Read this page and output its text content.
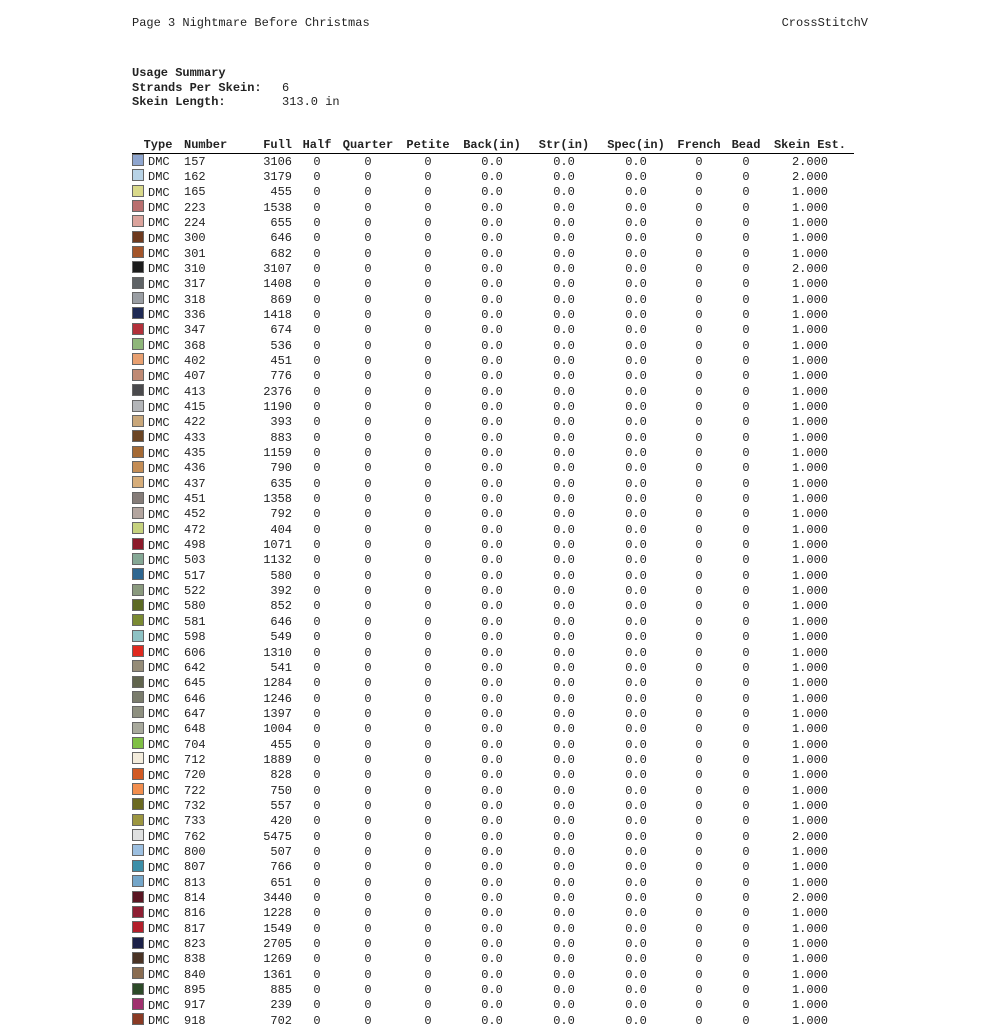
Page 3 Nightmare Before Christmas	CrossStitchV
Usage Summary
Strands Per Skein: 6
Skein Length:	313.0 in
Type	Number	Full	Half	Quarter	Petite	Back(in)	Str(in)	Spec(in)	French	Bead	Skein Est.
DMC	157	3106	0	0	0	0.0	0.0	0.0	0	0	2.000
DMC	162	3179	0	0	0	0.0	0.0	0.0	0	0	2.000
DMC	165	455	0	0	0	0.0	0.0	0.0	0	0	1.000
DMC	223	1538	0	0	0	0.0	0.0	0.0	0	0	1.000
DMC	224	655	0	0	0	0.0	0.0	0.0	0	0	1.000
DMC	300	646	0	0	0	0.0	0.0	0.0	0	0	1.000
DMC	301	682	0	0	0	0.0	0.0	0.0	0	0	1.000
DMC	310	3107	0	0	0	0.0	0.0	0.0	0	0	2.000
DMC	317	1408	0	0	0	0.0	0.0	0.0	0	0	1.000
DMC	318	869	0	0	0	0.0	0.0	0.0	0	0	1.000
DMC	336	1418	0	0	0	0.0	0.0	0.0	0	0	1.000
DMC	347	674	0	0	0	0.0	0.0	0.0	0	0	1.000
DMC	368	536	0	0	0	0.0	0.0	0.0	0	0	1.000
DMC	402	451	0	0	0	0.0	0.0	0.0	0	0	1.000
DMC	407	776	0	0	0	0.0	0.0	0.0	0	0	1.000
DMC	413	2376	0	0	0	0.0	0.0	0.0	0	0	1.000
DMC	415	1190	0	0	0	0.0	0.0	0.0	0	0	1.000
DMC	422	393	0	0	0	0.0	0.0	0.0	0	0	1.000
DMC	433	883	0	0	0	0.0	0.0	0.0	0	0	1.000
DMC	435	1159	0	0	0	0.0	0.0	0.0	0	0	1.000
DMC	436	790	0	0	0	0.0	0.0	0.0	0	0	1.000
DMC	437	635	0	0	0	0.0	0.0	0.0	0	0	1.000
DMC	451	1358	0	0	0	0.0	0.0	0.0	0	0	1.000
DMC	452	792	0	0	0	0.0	0.0	0.0	0	0	1.000
DMC	472	404	0	0	0	0.0	0.0	0.0	0	0	1.000
DMC	498	1071	0	0	0	0.0	0.0	0.0	0	0	1.000
DMC	503	1132	0	0	0	0.0	0.0	0.0	0	0	1.000
DMC	517	580	0	0	0	0.0	0.0	0.0	0	0	1.000
DMC	522	392	0	0	0	0.0	0.0	0.0	0	0	1.000
DMC	580	852	0	0	0	0.0	0.0	0.0	0	0	1.000
DMC	581	646	0	0	0	0.0	0.0	0.0	0	0	1.000
DMC	598	549	0	0	0	0.0	0.0	0.0	0	0	1.000
DMC	606	1310	0	0	0	0.0	0.0	0.0	0	0	1.000
DMC	642	541	0	0	0	0.0	0.0	0.0	0	0	1.000
DMC	645	1284	0	0	0	0.0	0.0	0.0	0	0	1.000
DMC	646	1246	0	0	0	0.0	0.0	0.0	0	0	1.000
DMC	647	1397	0	0	0	0.0	0.0	0.0	0	0	1.000
DMC	648	1004	0	0	0	0.0	0.0	0.0	0	0	1.000
DMC	704	455	0	0	0	0.0	0.0	0.0	0	0	1.000
DMC	712	1889	0	0	0	0.0	0.0	0.0	0	0	1.000
DMC	720	828	0	0	0	0.0	0.0	0.0	0	0	1.000
DMC	722	750	0	0	0	0.0	0.0	0.0	0	0	1.000
DMC	732	557	0	0	0	0.0	0.0	0.0	0	0	1.000
DMC	733	420	0	0	0	0.0	0.0	0.0	0	0	1.000
DMC	762	5475	0	0	0	0.0	0.0	0.0	0	0	2.000
DMC	800	507	0	0	0	0.0	0.0	0.0	0	0	1.000
DMC	807	766	0	0	0	0.0	0.0	0.0	0	0	1.000
DMC	813	651	0	0	0	0.0	0.0	0.0	0	0	1.000
DMC	814	3440	0	0	0	0.0	0.0	0.0	0	0	2.000
DMC	816	1228	0	0	0	0.0	0.0	0.0	0	0	1.000
DMC	817	1549	0	0	0	0.0	0.0	0.0	0	0	1.000
DMC	823	2705	0	0	0	0.0	0.0	0.0	0	0	1.000
DMC	838	1269	0	0	0	0.0	0.0	0.0	0	0	1.000
DMC	840	1361	0	0	0	0.0	0.0	0.0	0	0	1.000
DMC	895	885	0	0	0	0.0	0.0	0.0	0	0	1.000
DMC	917	239	0	0	0	0.0	0.0	0.0	0	0	1.000
DMC	918	702	0	0	0	0.0	0.0	0.0	0	0	1.000
